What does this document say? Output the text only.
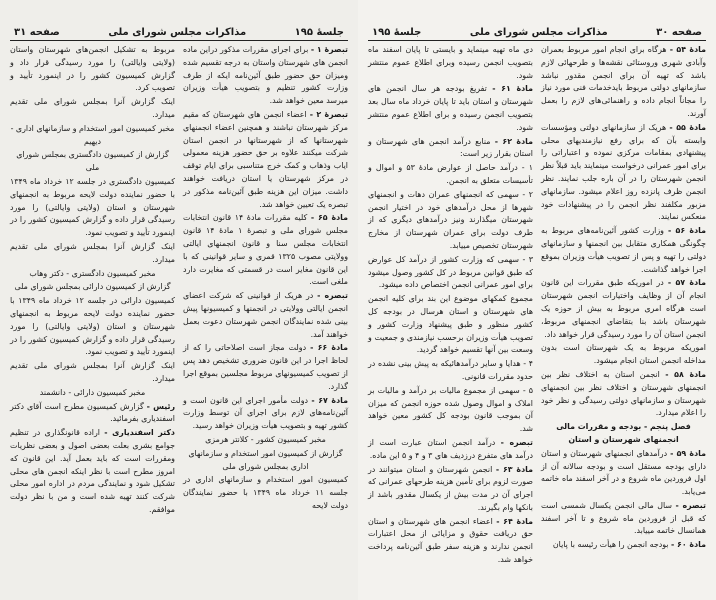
صفحه ۳۰
مذاکرات مجلس شورای ملی
جلسهٔ ۱۹۵

مادهٔ ۵۴ - هرگاه برای انجام امور مربوط بعمران وآبادی شهری وروستائی نقشه‌ها و طرحهائی لازم باشد که تهیه آن برای انجمن مقدور نباشد سازمانهای دولتی مربوط بایدخدمات فنی مورد نیاز را مجاناً انجام داده و راهنمائی‌های لازم را بعمل آورند.

مادهٔ ۵۵ - هریک از سازمانهای دولتی ومؤسسات وابسته بآن که برای رفع نیازمندیهای محلی پیشنهادی بمقامات مرکزی نموده و اعتباراتی را برای امور عمرانی درخواست مینمایند باید قبلاً نظر انجمن شهرستان را در آن باره جلب نمایند. نظر انجمن ظرف پانزده روز اعلام میشود. سازمانهای مزبور مکلفند نظر انجمن را در پیشنهادات خود منعکس نمایند.

مادهٔ ۵۶ - وزارت کشور آئین‌نامه‌های مربوط به چگونگی همکاری متقابل بین انجمنها و سازمانهای دولتی را تهیه و پس از تصویب هیأت وزیران بموقع اجرا خواهد گذاشت.

مادهٔ ۵۷ - در اموریکه طبق مقررات این قانون انجام آن از وظایف واختیارات انجمن شهرستان است هرگاه امری مربوط به بیش از حوزه یک شهرستان باشد بنا بتقاضای انجمنهای مربوط، انجمن استان آن را مورد رسیدگی قرار خواهد داد.

اموریکه مربوط به یک شهرستان است بدون مداخله انجمن استان انجام میشود.

مادهٔ ۵۸ - انجمن استان به اختلاف نظر بین انجمنهای شهرستان و اختلاف نظر بین انجمنهای شهرستان و سازمانهای دولتی رسیدگی و نظر خود را اعلام میدارد.

فصل پنجم - بودجه و مقررات مالی انجمنهای شهرستان و استان

مادهٔ ۵۹ - درآمدهای انجمنهای شهرستان و استان دارای بودجه مستقل است و بودجه سالانه آن از اول فروردین ماه شروع و در آخر اسفند ماه خاتمه می‌یابد.

تبصره - سال مالی انجمن یکسال شمسی است که قبل از فروردین ماه شروع و تا آخر اسفند همانسال خاتمه مییابد.

مادهٔ ۶۰ - بودجه انجمن را هیأت رئیسه با پایان

دی ماه تهیه مینماید و بایستی تا پایان اسفند ماه بتصویب انجمن رسیده وبرای اطلاع عموم منتشر شود.

مادهٔ ۶۱ - تفریغ بودجه هر سال انجمن های شهرستان و استان باید تا پایان خرداد ماه سال بعد بتصویب انجمن رسیده و برای اطلاع عموم منتشر شود.

مادهٔ ۶۲ - منابع درآمد انجمن های شهرستان و استان بقرار زیر است:

۱ - درآمد حاصل از عوارض مادهٔ ۵۳ و اموال و تأسیسات متعلق به انجمن.

۲ - سهمی که انجمنهای عمران دهات و انجمنهای شهرها از محل درآمدهای خود در اختیار انجمن شهرستان میگذارند ونیز درآمدهای دیگری که از طرف دولت برای عمران شهرستان از مخارج شهرستان تخصیص مییابد.

۳ - سهمی که وزارت کشور از درآمد کل عوارض که طبق قوانین مربوط در کل کشور وصول میشود برای امور عمرانی انجمن اختصاص داده میشود.

مجموع کمکهای موضوع این بند برای کلیه انجمن های شهرستان و استان هرسال در بودجه کل کشور منظور و طبق پیشنهاد وزارت کشور و تصویب هیأت وزیران برحسب نیازمندی و جمعیت و وسعت بین آنها تقسیم خواهد گردید.

۴ - هدایا و سایر درآمدهائیکه به پیش بینی نشده در حدود مقررات قانونی.

۵ - سهمی از مجموع مالیات بر درآمد و مالیات بر املاک و اموال وصول شده حوزه انجمن که میزان آن بموجب قانون بودجه کل کشور معین خواهد شد.

تبصره - درآمد انجمن استان عبارت است از درآمد های متفرع درزدیف های ۳ و ۴ و ۵ این ماده.

مادهٔ ۶۳ - انجمن شهرستان و استان میتوانند در صورت لزوم برای تأمین هزینه طرحهای عمرانی که اجرای آن در مدت بیش از یکسال مقدور باشد از بانکها وام بگیرند.

مادهٔ ۶۴ - اعضاء انجمن های شهرستان و استان حق دریافت حقوق و مزایائی از محل اعتبارات انجمن ندارند و هزینه سفر طبق آئین‌نامه پرداخت خواهد شد.

جلسهٔ ۱۹۵
مذاکرات مجلس شورای ملی
صفحه ۳۱

تبصرهٔ ۱ - برای اجرای مقررات مذکور دراین ماده انجمن های شهرستان واستان به درجه تقسیم شده ومیزان حق حضور طبق آئین‌نامه ایکه از طرف وزارت کشور تنظیم و بتصویب هیأت وزیران میرسد معین خواهد شد.

تبصرهٔ ۲ - اعضاء انجمن های شهرستان که مقیم مرکز شهرستان نباشند و همچنین اعضاء انجمنهای شهرستانها که از شهرستانها در انجمن استان شرکت میکنند علاوه بر حق حضور هزینه معمولی ایاب وذهاب و کمک خرج متناسبی برای ایام توقف در مرکز شهرستان یا استان دریافت خواهند داشت. میزان این هزینه طبق آئین‌نامه مذکور در تبصره یک تعیین خواهد شد.

مادهٔ ۶۵ - کلیه مقررات مادهٔ ۱۴ قانون انتخابات مجلس شورای ملی و تبصرهٔ ۱ مادهٔ ۱۴ قانون انتخابات مجلس سنا و قانون انجمنهای ایالتی وولایتی مصوب ۱۳۲۵ قمری و سایر قوانینی که با این قانون مغایر است در قسمتی که مغایرت دارد ملغی است.

تبصره - در هریک از قوانینی که شرکت اعضای انجمن ایالتی وولایتی در انجمنها و کمیسیونها پیش بینی شده نمایندگان انجمن شهرستان دعوت بعمل خواهند آمد.

مادهٔ ۶۶ - دولت مجاز است اصلاحاتی را که از لحاظ اجرا در این قانون ضروری تشخیص دهد پس از تصویب کمیسیونهای مربوط مجلسین بموقع اجرا گذارد.

مادهٔ ۶۷ - دولت مأمور اجرای این قانون است و آئین‌نامه‌های لازم برای اجرای آن توسط وزارت کشور تهیه و بتصویب هیأت وزیران خواهد رسید.

مخبر کمیسیون کشور - کلانتر هرمزی

گزارش از کمیسیون امور استخدام و سازمانهای اداری بمجلس شورای ملی

کمیسیون امور استخدام و سازمانهای اداری در جلسه ۱۱ خرداد ماه ۱۳۴۹ با حضور نمایندگان دولت لایحه

مربوط به تشکیل انجمن‌های شهرستان واستان (ولایتی وایالتی) را مورد رسیدگی قرار داد و گزارش کمیسیون کشور را در اینمورد تأیید و تصویب کرد.

اینک گزارش آنرا بمجلس شورای ملی تقدیم میدارد.

مخبر کمیسیون امور استخدام و سازمانهای اداری - دیهیم

گزارش از کمیسیون دادگستری بمجلس شورای ملی

کمیسیون دادگستری در جلسه ۱۲ خرداد ماه ۱۳۴۹ با حضور نماینده دولت لایحه مربوط به انجمنهای شهرستان و استان (ولایتی وایالتی) را مورد رسیدگی قرار داده و گزارش کمیسیون کشور را در اینمورد تأیید و تصویب نمود.

اینک گزارش آنرا بمجلس شورای ملی تقدیم میدارد.

مخبر کمیسیون دادگستری - دکتر وهاب

گزارش از کمیسیون دارائی بمجلس شورای ملی

کمیسیون دارائی در جلسه ۱۲ خرداد ماه ۱۳۴۹ با حضور نماینده دولت لایحه مربوط به انجمنهای شهرستان و استان (ولایتی وایالتی) را مورد رسیدگی قرار داده و گزارش کمیسیون کشور را در اینمورد تأیید و تصویب نمود.

اینک گزارش آنرا بمجلس شورای ملی تقدیم میدارد.

مخبر کمیسیون دارائی - دانشمند

رئیس - گزارش کمیسیون مطرح است آقای دکتر اسفندیاری بفرمائید.

دکتر اسفندیاری - اراده قانونگذاری در تنظیم جوامع بشری بعلت بعضی اصول و بعضی نظریات ومقررات است که باید بعمل آید. این قانون که امروز مطرح است با نظر اینکه انجمن های محلی تشکیل شود و نمایندگی مردم در اداره امور محلی شرکت کنند تهیه شده است و من با نظر دولت موافقم.
